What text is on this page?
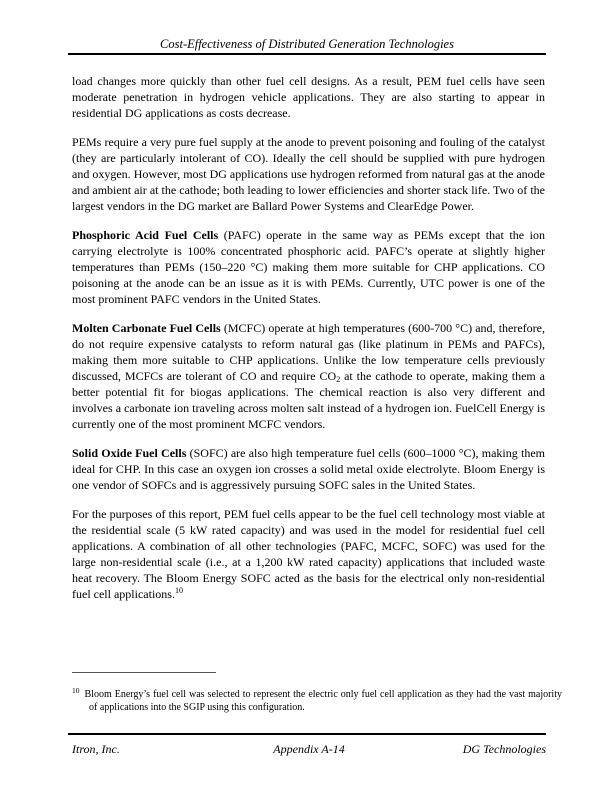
Cost-Effectiveness of Distributed Generation Technologies

load changes more quickly than other fuel cell designs. As a result, PEM fuel cells have seen moderate penetration in hydrogen vehicle applications. They are also starting to appear in residential DG applications as costs decrease.

PEMs require a very pure fuel supply at the anode to prevent poisoning and fouling of the catalyst (they are particularly intolerant of CO). Ideally the cell should be supplied with pure hydrogen and oxygen. However, most DG applications use hydrogen reformed from natural gas at the anode and ambient air at the cathode; both leading to lower efficiencies and shorter stack life. Two of the largest vendors in the DG market are Ballard Power Systems and ClearEdge Power.

Phosphoric Acid Fuel Cells (PAFC) operate in the same way as PEMs except that the ion carrying electrolyte is 100% concentrated phosphoric acid. PAFC’s operate at slightly higher temperatures than PEMs (150–220 °C) making them more suitable for CHP applications. CO poisoning at the anode can be an issue as it is with PEMs. Currently, UTC power is one of the most prominent PAFC vendors in the United States.

Molten Carbonate Fuel Cells (MCFC) operate at high temperatures (600-700 °C) and, therefore, do not require expensive catalysts to reform natural gas (like platinum in PEMs and PAFCs), making them more suitable to CHP applications. Unlike the low temperature cells previously discussed, MCFCs are tolerant of CO and require $CO_2$ at the cathode to operate, making them a better potential fit for biogas applications. The chemical reaction is also very different and involves a carbonate ion traveling across molten salt instead of a hydrogen ion. FuelCell Energy is currently one of the most prominent MCFC vendors.

Solid Oxide Fuel Cells (SOFC) are also high temperature fuel cells (600–1000 °C), making them ideal for CHP. In this case an oxygen ion crosses a solid metal oxide electrolyte. Bloom Energy is one vendor of SOFCs and is aggressively pursuing SOFC sales in the United States.

For the purposes of this report, PEM fuel cells appear to be the fuel cell technology most viable at the residential scale (5 kW rated capacity) and was used in the model for residential fuel cell applications. A combination of all other technologies (PAFC, MCFC, SOFC) was used for the large non-residential scale (i.e., at a 1,200 kW rated capacity) applications that included waste heat recovery. The Bloom Energy SOFC acted as the basis for the electrical only non-residential fuel cell applications.$^{10}$

$^{10}$ Bloom Energy’s fuel cell was selected to represent the electric only fuel cell application as they had the vast majority of applications into the SGIP using this configuration.
Itron, Inc.	Appendix A-14	DG Technologies
